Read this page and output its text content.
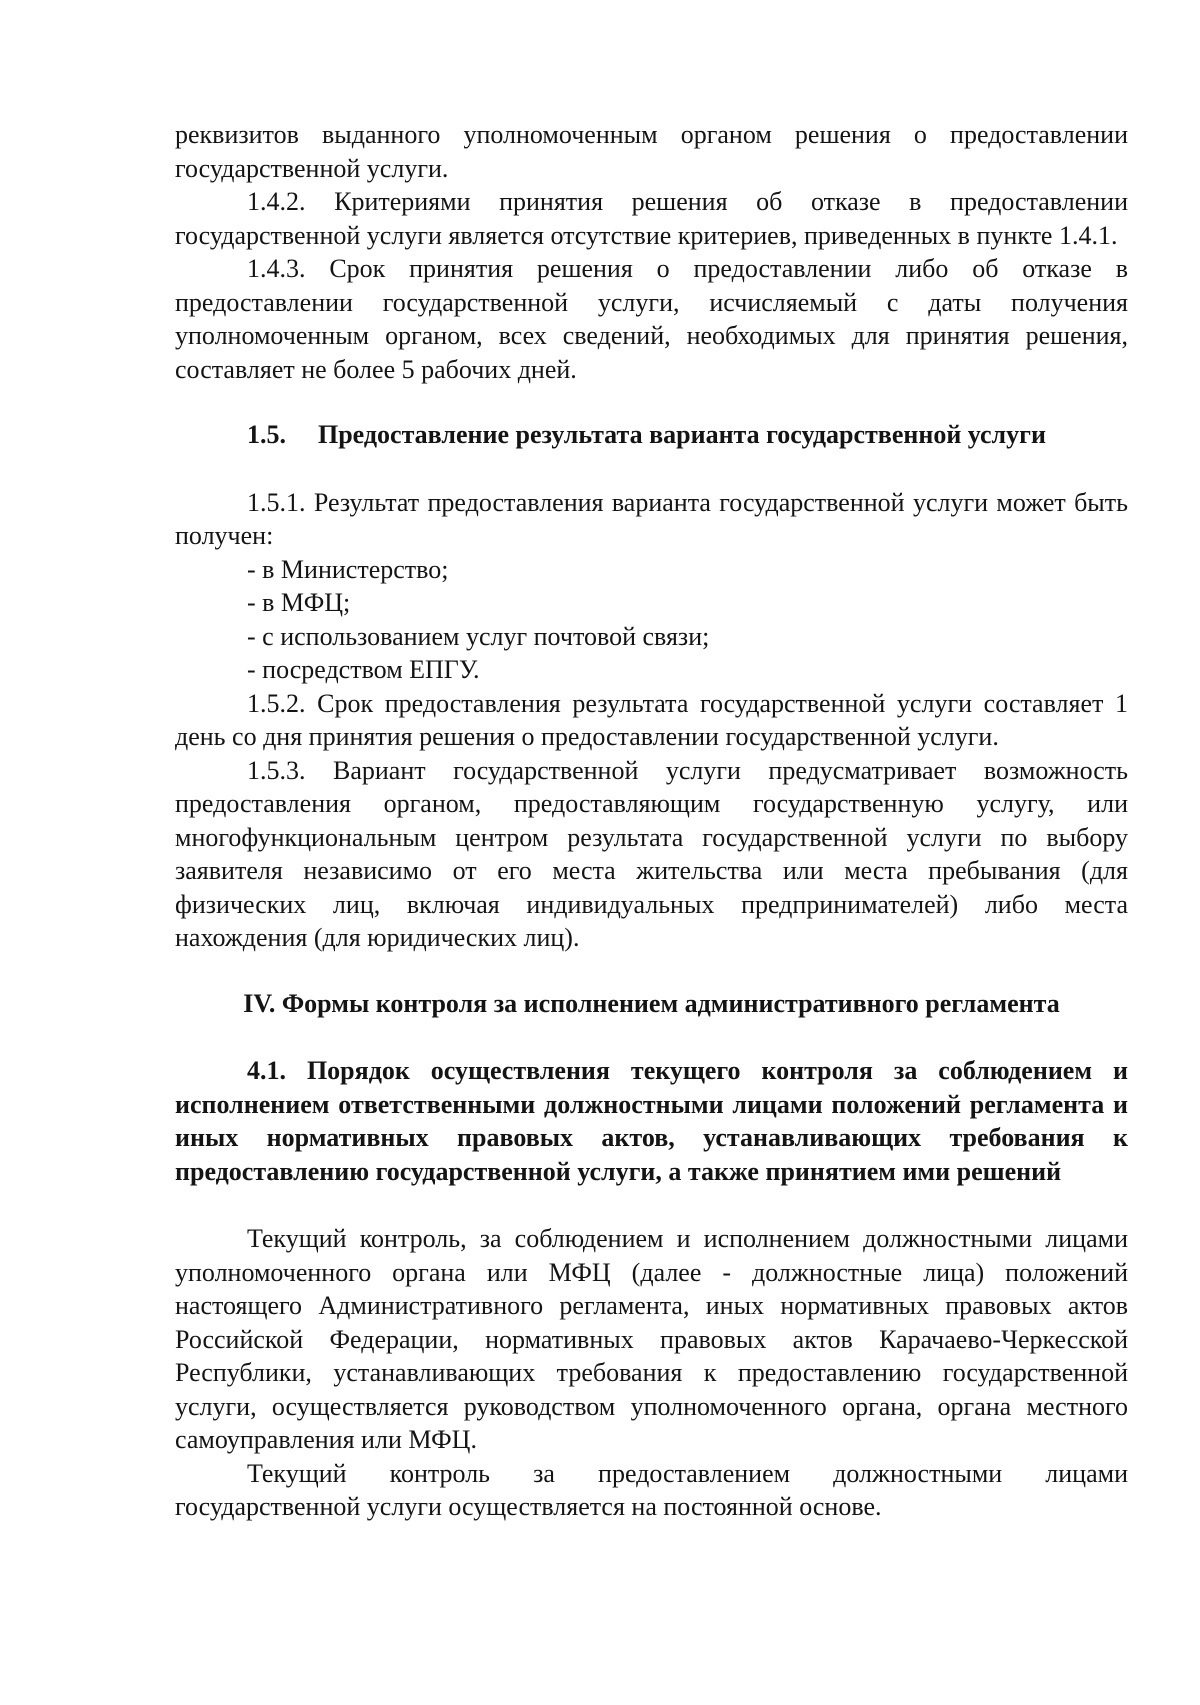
реквизитов выданного уполномоченным органом решения о предоставлении государственной услуги.

1.4.2. Критериями принятия решения об отказе в предоставлении государственной услуги является отсутствие критериев, приведенных в пункте 1.4.1.

1.4.3. Срок принятия решения о предоставлении либо об отказе в предоставлении государственной услуги, исчисляемый с даты получения уполномоченным органом, всех сведений, необходимых для принятия решения, составляет не более 5 рабочих дней.

1.5.	Предоставление результата варианта государственной услуги

1.5.1. Результат предоставления варианта государственной услуги может быть получен:

- в Министерство;

- в МФЦ;

- с использованием услуг почтовой связи;

- посредством ЕПГУ.

1.5.2. Срок предоставления результата государственной услуги составляет 1 день со дня принятия решения о предоставлении государственной услуги.

1.5.3. Вариант государственной услуги предусматривает возможность предоставления органом, предоставляющим государственную услугу, или многофункциональным центром результата государственной услуги по выбору заявителя независимо от его места жительства или места пребывания (для физических лиц, включая индивидуальных предпринимателей) либо места нахождения (для юридических лиц).

IV. Формы контроля за исполнением административного регламента

4.1. Порядок осуществления текущего контроля за соблюдением и исполнением ответственными должностными лицами положений регламента и иных нормативных правовых актов, устанавливающих требования к предоставлению государственной услуги, а также принятием ими решений

Текущий контроль, за соблюдением и исполнением должностными лицами уполномоченного органа или МФЦ (далее - должностные лица) положений настоящего Административного регламента, иных нормативных правовых актов Российской Федерации, нормативных правовых актов Карачаево-Черкесской Республики, устанавливающих требования к предоставлению государственной услуги, осуществляется руководством уполномоченного органа, органа местного самоуправления или МФЦ.

Текущий контроль за предоставлением должностными лицами государственной услуги осуществляется на постоянной основе.
